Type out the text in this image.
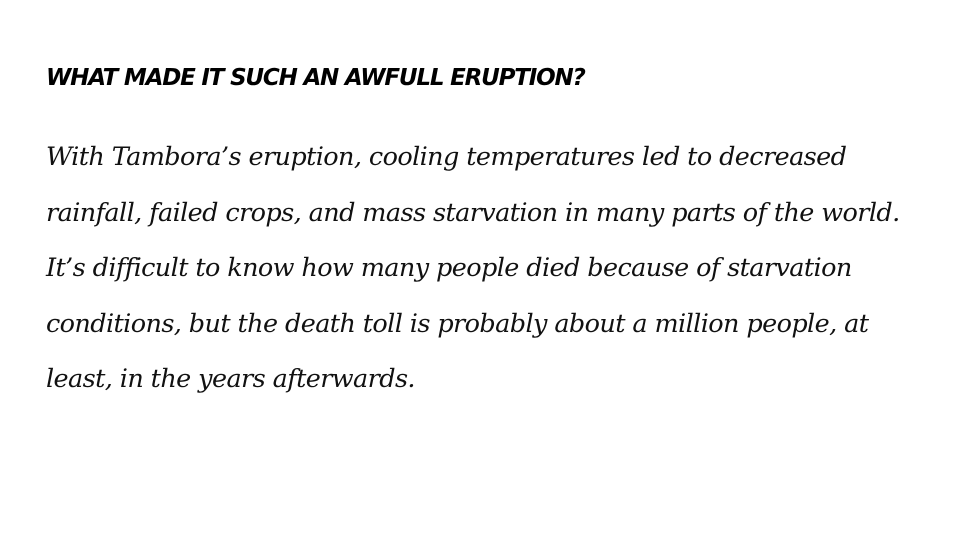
WHAT MADE IT SUCH AN AWFULL ERUPTION?

With Tambora’s eruption, cooling temperatures led to decreased rainfall, failed crops, and mass starvation in many parts of the world. It’s difficult to know how many people died because of starvation conditions, but the death toll is probably about a million people, at least, in the years afterwards.
